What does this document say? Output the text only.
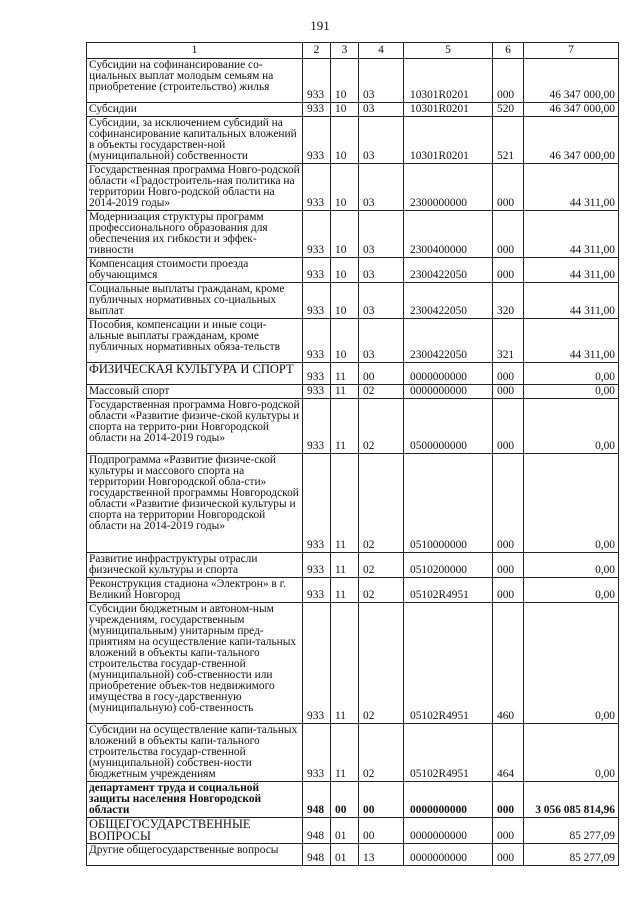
191
1	2	3	4	5	6	7
Субсидии на софинансирование со-циальных выплат молодым семьям на приобретение (строительство) жилья	933	10	03	10301R0201	000	46 347 000,00
Субсидии	933	10	03	10301R0201	520	46 347 000,00
Субсидии, за исключением субсидий на софинансирование капитальных вложений в объекты государствен-ной (муниципальной) собственности	933	10	03	10301R0201	521	46 347 000,00
Государственная программа Новго-родской области «Градостроитель-ная политика на территории Новго-родской области на 2014-2019 годы»	933	10	03	2300000000	000	44 311,00
Модернизация структуры программ профессионального образования для обеспечения их гибкости и эффек-тивности	933	10	03	2300400000	000	44 311,00
Компенсация стоимости проезда обучающимся	933	10	03	2300422050	000	44 311,00
Социальные выплаты гражданам, кроме публичных нормативных со-циальных выплат	933	10	03	2300422050	320	44 311,00
Пособия, компенсации и иные соци-альные выплаты гражданам, кроме публичных нормативных обяза-тельств	933	10	03	2300422050	321	44 311,00
ФИЗИЧЕСКАЯ КУЛЬТУРА И СПОРТ	933	11	00	0000000000	000	0,00
Массовый спорт	933	11	02	0000000000	000	0,00
Государственная программа Новго-родской области «Развитие физиче-ской культуры и спорта на террито-рии Новгородской области на 2014-2019 годы»	933	11	02	0500000000	000	0,00
Подпрограмма «Развитие физиче-ской культуры и массового спорта на территории Новгородской обла-сти» государственной программы Новгородской области «Развитие физической культуры и спорта на территории Новгородской области на 2014-2019 годы»	933	11	02	0510000000	000	0,00
Развитие инфраструктуры отрасли физической культуры и спорта	933	11	02	0510200000	000	0,00
Реконструкция стадиона «Электрон» в г. Великий Новгород	933	11	02	05102R4951	000	0,00
Субсидии бюджетным и автоном-ным учреждениям, государственным (муниципальным) унитарным пред-приятиям на осуществление капи-тальных вложений в объекты капи-тального строительства государ-ственной (муниципальной) соб-ственности или приобретение объек-тов недвижимого имущества в госу-дарственную (муниципальную) соб-ственность	933	11	02	05102R4951	460	0,00
Субсидии на осуществление капи-тальных вложений в объекты капи-тального строительства государ-ственной (муниципальной) собствен-ности бюджетным учреждениям	933	11	02	05102R4951	464	0,00
департамент труда и социальной защиты населения Новгородской области	948	00	00	0000000000	000	3 056 085 814,96
ОБЩЕГОСУДАРСТВЕННЫЕ ВОПРОСЫ	948	01	00	0000000000	000	85 277,09
Другие общегосударственные вопросы	948	01	13	0000000000	000	85 277,09
